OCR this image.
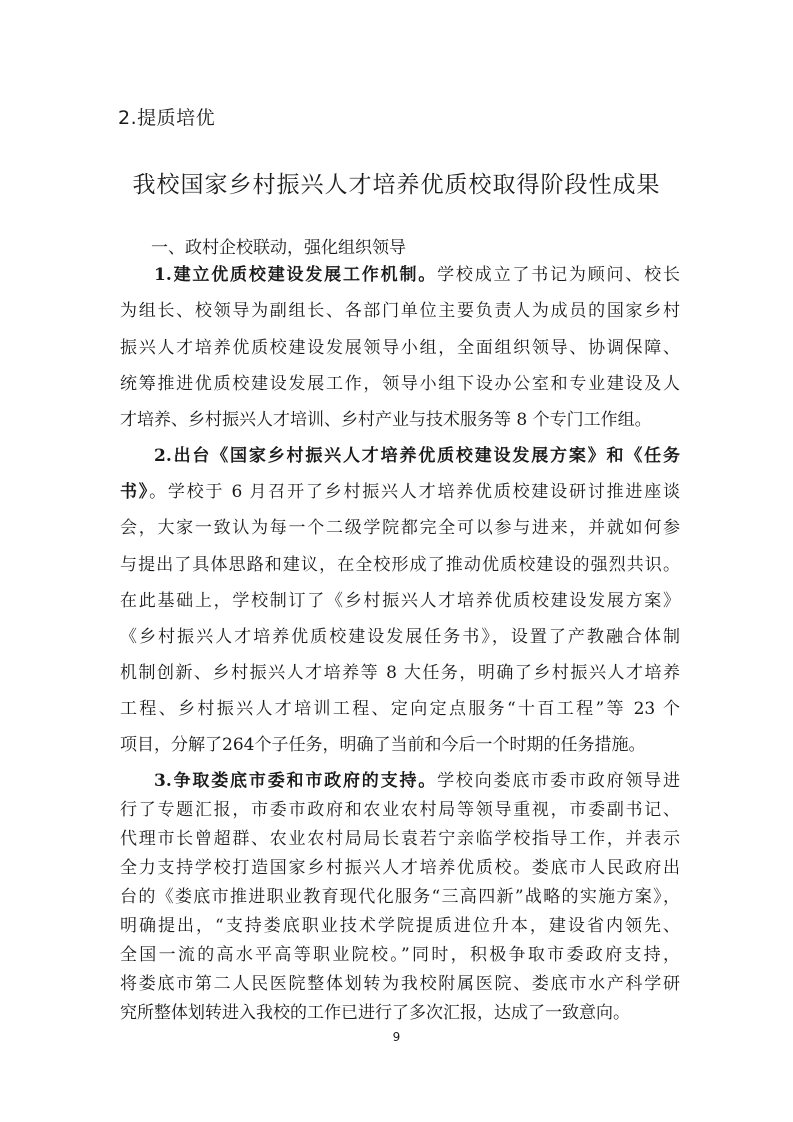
2.提质培优
我校国家乡村振兴人才培养优质校取得阶段性成果
一、政村企校联动，强化组织领导
1.建立优质校建设发展工作机制。学校成立了书记为顾问、校长
为组长、校领导为副组长、各部门单位主要负责人为成员的国家乡村
振兴人才培养优质校建设发展领导小组，全面组织领导、协调保障、
统筹推进优质校建设发展工作，领导小组下设办公室和专业建设及人
才培养、乡村振兴人才培训、乡村产业与技术服务等 8 个专门工作组。
2.出台《国家乡村振兴人才培养优质校建设发展方案》和《任务
书》。学校于 6 月召开了乡村振兴人才培养优质校建设研讨推进座谈
会，大家一致认为每一个二级学院都完全可以参与进来，并就如何参
与提出了具体思路和建议，在全校形成了推动优质校建设的强烈共识。
在此基础上，学校制订了《乡村振兴人才培养优质校建设发展方案》
《乡村振兴人才培养优质校建设发展任务书》，设置了产教融合体制
机制创新、乡村振兴人才培养等 8 大任务，明确了乡村振兴人才培养
工程、乡村振兴人才培训工程、定向定点服务“十百工程”等 23 个
项目，分解了264个子任务，明确了当前和今后一个时期的任务措施。
3.争取娄底市委和市政府的支持。学校向娄底市委市政府领导进
行了专题汇报，市委市政府和农业农村局等领导重视，市委副书记、
代理市长曾超群、农业农村局局长袁若宁亲临学校指导工作，并表示
全力支持学校打造国家乡村振兴人才培养优质校。娄底市人民政府出
台的《娄底市推进职业教育现代化服务“三高四新”战略的实施方案》，
明确提出，“支持娄底职业技术学院提质进位升本，建设省内领先、
全国一流的高水平高等职业院校。”同时，积极争取市委政府支持，
将娄底市第二人民医院整体划转为我校附属医院、娄底市水产科学研
究所整体划转进入我校的工作已进行了多次汇报，达成了一致意向。
9
